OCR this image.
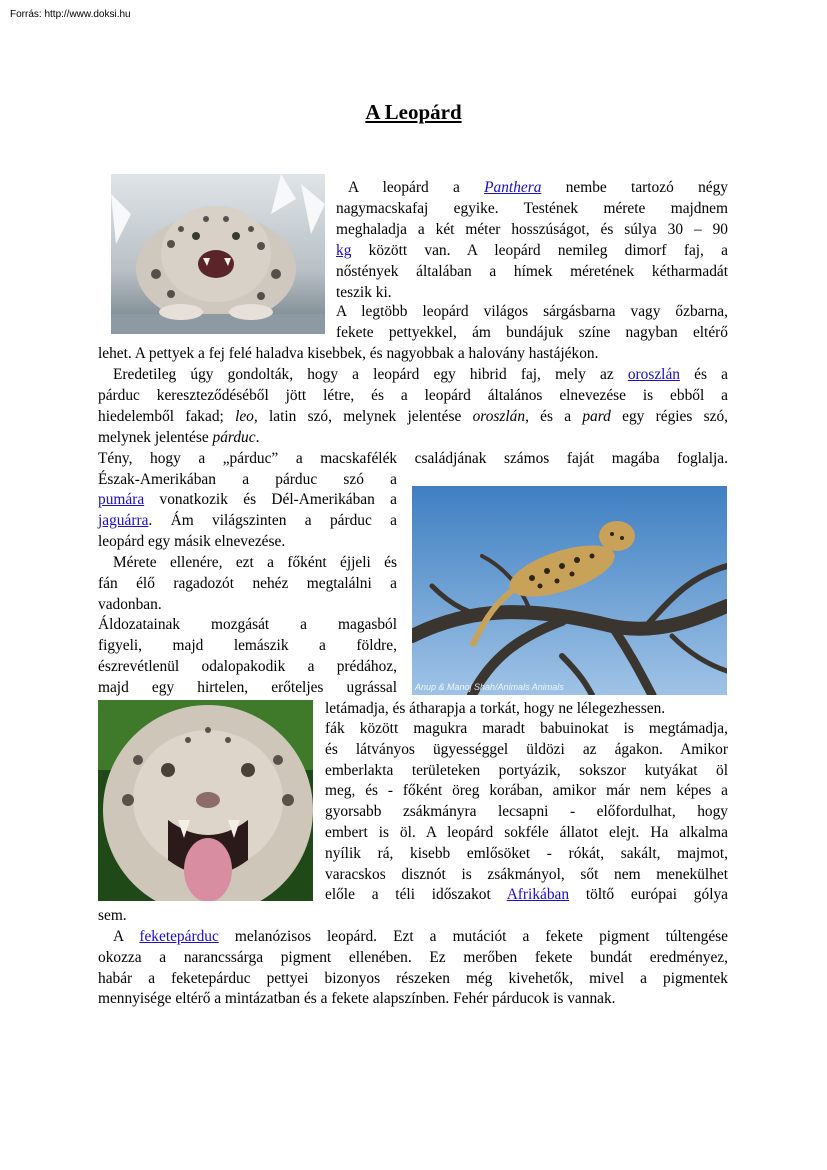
Forrás: http://www.doksi.hu
A Leopárd
Anup & Manoj Shah/Animals Animals
A leopárd a Panthera nembe tartozó négy
nagymacskafaj egyike. Testének mérete majdnem
meghaladja a két méter hosszúságot, és súlya 30 – 90
kg között van. A leopárd nemileg dimorf faj, a
nőstények általában a hímek méretének kétharmadát
teszik ki.
A legtöbb leopárd világos sárgásbarna vagy őzbarna,
fekete pettyekkel, ám bundájuk színe nagyban eltérő
lehet. A pettyek a fej felé haladva kisebbek, és nagyobbak a halovány hastájékon.
Eredetileg úgy gondolták, hogy a leopárd egy hibrid faj, mely az oroszlán és a
párduc kereszteződéséből jött létre, és a leopárd általános elnevezése is ebből a
hiedelemből fakad; leo, latin szó, melynek jelentése oroszlán, és a pard egy régies szó,
melynek jelentése párduc.
Tény, hogy a „párduc” a macskafélék családjának számos faját magába foglalja.
Észak-Amerikában a párduc szó a
pumára vonatkozik és Dél-Amerikában a
jaguárra. Ám világszinten a párduc a
leopárd egy másik elnevezése.
Mérete ellenére, ezt a főként éjjeli és
fán élő ragadozót nehéz megtalálni a
vadonban.
Áldozatainak mozgását a magasból
figyeli, majd lemászik a földre,
észrevétlenül odalopakodik a prédához,
majd egy hirtelen, erőteljes ugrással
letámadja, és átharapja a torkát, hogy ne lélegezhessen.
fák között magukra maradt babuinokat is megtámadja,
és látványos ügyességgel üldözi az ágakon. Amikor
emberlakta területeken portyázik, sokszor kutyákat öl
meg, és - főként öreg korában, amikor már nem képes a
gyorsabb zsákmányra lecsapni - előfordulhat, hogy
embert is öl. A leopárd sokféle állatot elejt. Ha alkalma
nyílik rá, kisebb emlősöket - rókát, sakált, majmot,
varacskos disznót is zsákmányol, sőt nem menekülhet
előle a téli időszakot Afrikában töltő európai gólya
sem.
A feketepárduc melanózisos leopárd. Ezt a mutációt a fekete pigment túltengése
okozza a narancssárga pigment ellenében. Ez merőben fekete bundát eredményez,
habár a feketepárduc pettyei bizonyos részeken még kivehetők, mivel a pigmentek
mennyisége eltérő a mintázatban és a fekete alapszínben. Fehér párducok is vannak.
